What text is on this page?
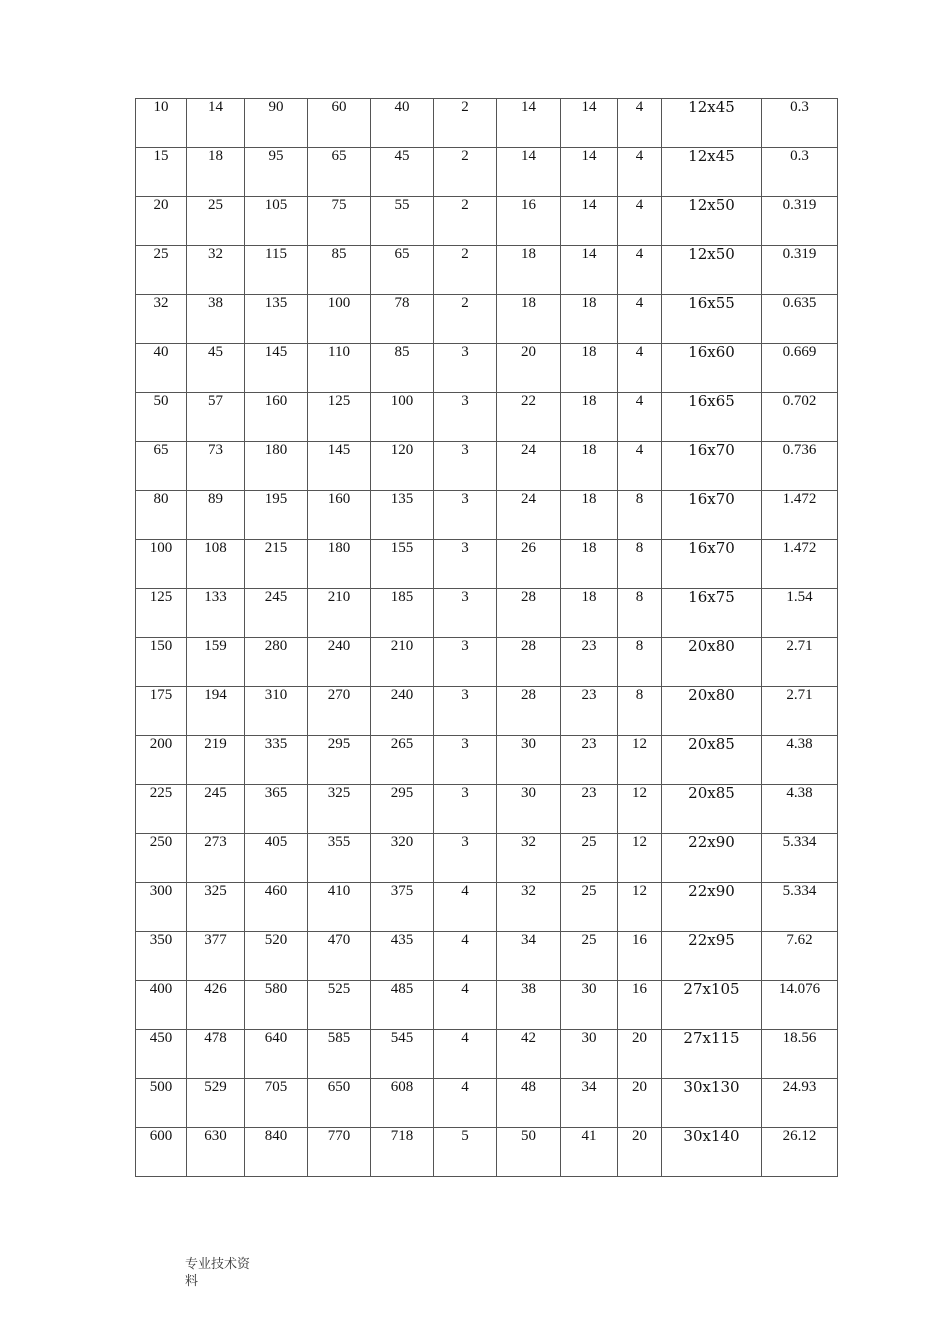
10	14	90	60	40	2	14	14	4	12x45	0.3

15	18	95	65	45	2	14	14	4	12x45	0.3

20	25	105	75	55	2	16	14	4	12x50	0.319

25	32	115	85	65	2	18	14	4	12x50	0.319

32	38	135	100	78	2	18	18	4	16x55	0.635

40	45	145	110	85	3	20	18	4	16x60	0.669

50	57	160	125	100	3	22	18	4	16x65	0.702

65	73	180	145	120	3	24	18	4	16x70	0.736

80	89	195	160	135	3	24	18	8	16x70	1.472

100	108	215	180	155	3	26	18	8	16x70	1.472

125	133	245	210	185	3	28	18	8	16x75	1.54

150	159	280	240	210	3	28	23	8	20x80	2.71

175	194	310	270	240	3	28	23	8	20x80	2.71

200	219	335	295	265	3	30	23	12	20x85	4.38

225	245	365	325	295	3	30	23	12	20x85	4.38

250	273	405	355	320	3	32	25	12	22x90	5.334

300	325	460	410	375	4	32	25	12	22x90	5.334

350	377	520	470	435	4	34	25	16	22x95	7.62

400	426	580	525	485	4	38	30	16	27x105	14.076

450	478	640	585	545	4	42	30	20	27x115	18.56

500	529	705	650	608	4	48	34	20	30x130	24.93

600	630	840	770	718	5	50	41	20	30x140	26.12
专业技术资
料
